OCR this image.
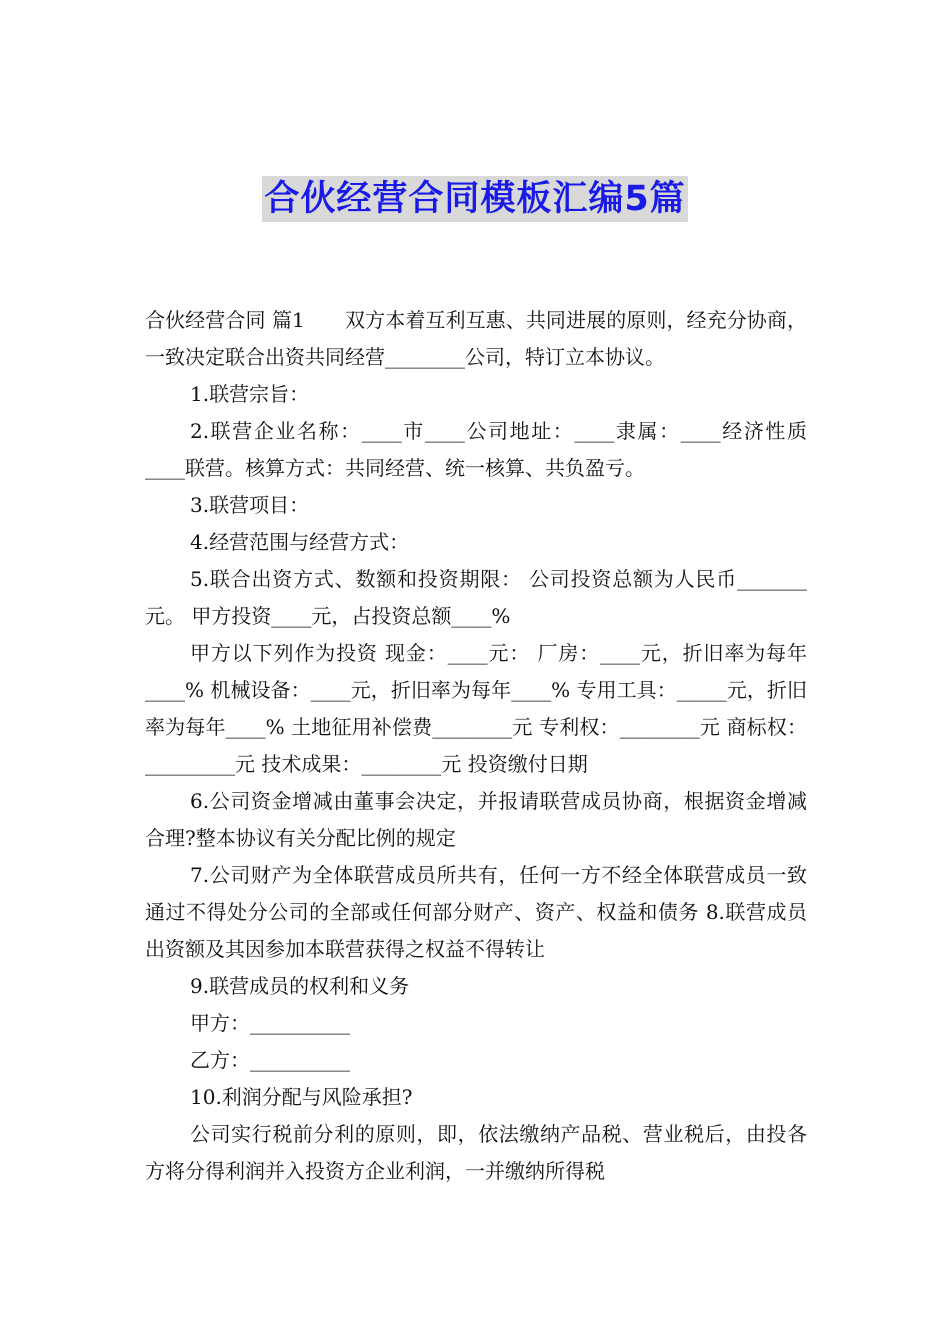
合伙经营合同模板汇编5篇

合伙经营合同 篇1　　双方本着互利互惠、共同进展的原则，经充分协商，一致决定联合出资共同经营________公司，特订立本协议。

1.联营宗旨：

2.联营企业名称：____市____公司地址：____隶属：____经济性质____联营。核算方式：共同经营、统一核算、共负盈亏。

3.联营项目：

4.经营范围与经营方式：

5.联合出资方式、数额和投资期限： 公司投资总额为人民币_______元。 甲方投资____元，占投资总额____%

甲方以下列作为投资 现金：____元： 厂房：____元，折旧率为每年____% 机械设备：____元，折旧率为每年____% 专用工具：_____元，折旧率为每年____% 土地征用补偿费________元 专利权：________元 商标权：_________元 技术成果：________元 投资缴付日期

6.公司资金增减由董事会决定，并报请联营成员协商，根据资金增减合理?整本协议有关分配比例的规定

7.公司财产为全体联营成员所共有，任何一方不经全体联营成员一致通过不得处分公司的全部或任何部分财产、资产、权益和债务 8.联营成员出资额及其因参加本联营获得之权益不得转让

9.联营成员的权利和义务

甲方：__________

乙方：__________

10.利润分配与风险承担?

公司实行税前分利的原则，即，依法缴纳产品税、营业税后，由投各方将分得利润并入投资方企业利润，一并缴纳所得税
